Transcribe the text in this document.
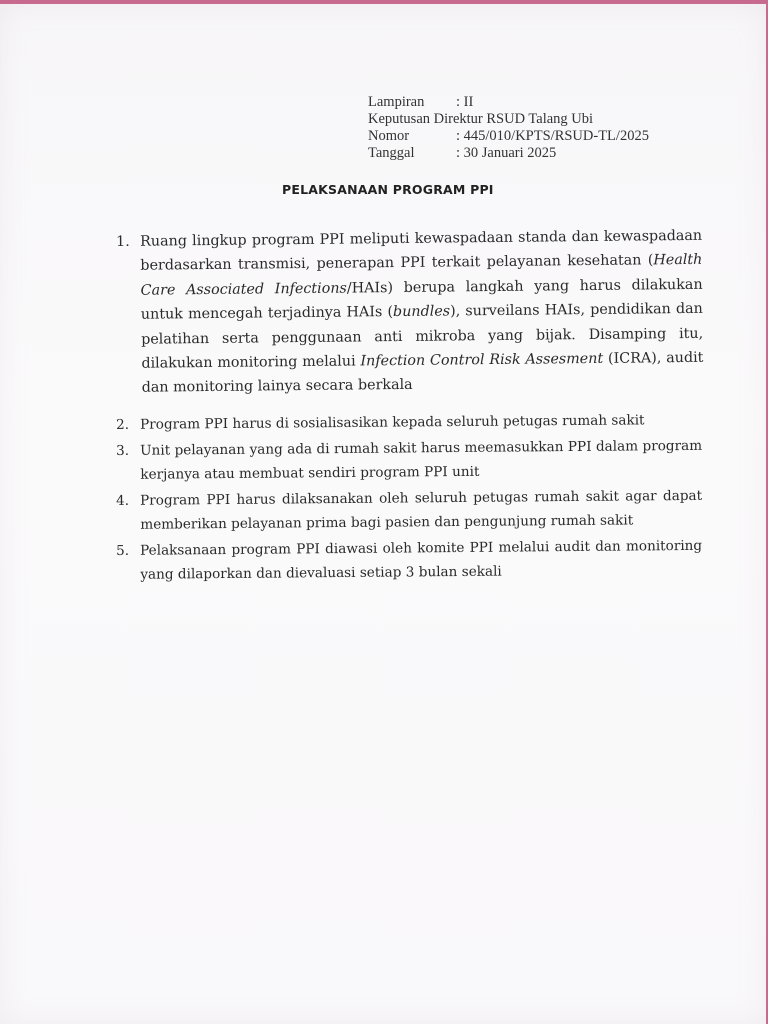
Lampiran	: II
Keputusan Direktur RSUD Talang Ubi
Nomor	: 445/010/KPTS/RSUD-TL/2025
Tanggal	: 30 Januari 2025
PELAKSANAAN PROGRAM PPI
1. Ruang lingkup program PPI meliputi kewaspadaan standa dan kewaspadaan berdasarkan transmisi, penerapan PPI terkait pelayanan kesehatan (Health Care Associated Infections/HAIs) berupa langkah yang harus dilakukan untuk mencegah terjadinya HAIs (bundles), surveilans HAIs, pendidikan dan pelatihan serta penggunaan anti mikroba yang bijak. Disamping itu, dilakukan monitoring melalui Infection Control Risk Assesment (ICRA), audit dan monitoring lainya secara berkala
2. Program PPI harus di sosialisasikan kepada seluruh petugas rumah sakit
3. Unit pelayanan yang ada di rumah sakit harus meemasukkan PPI dalam program kerjanya atau membuat sendiri program PPI unit
4. Program PPI harus dilaksanakan oleh seluruh petugas rumah sakit agar dapat memberikan pelayanan prima bagi pasien dan pengunjung rumah sakit
5. Pelaksanaan program PPI diawasi oleh komite PPI melalui audit dan monitoring yang dilaporkan dan dievaluasi setiap 3 bulan sekali
